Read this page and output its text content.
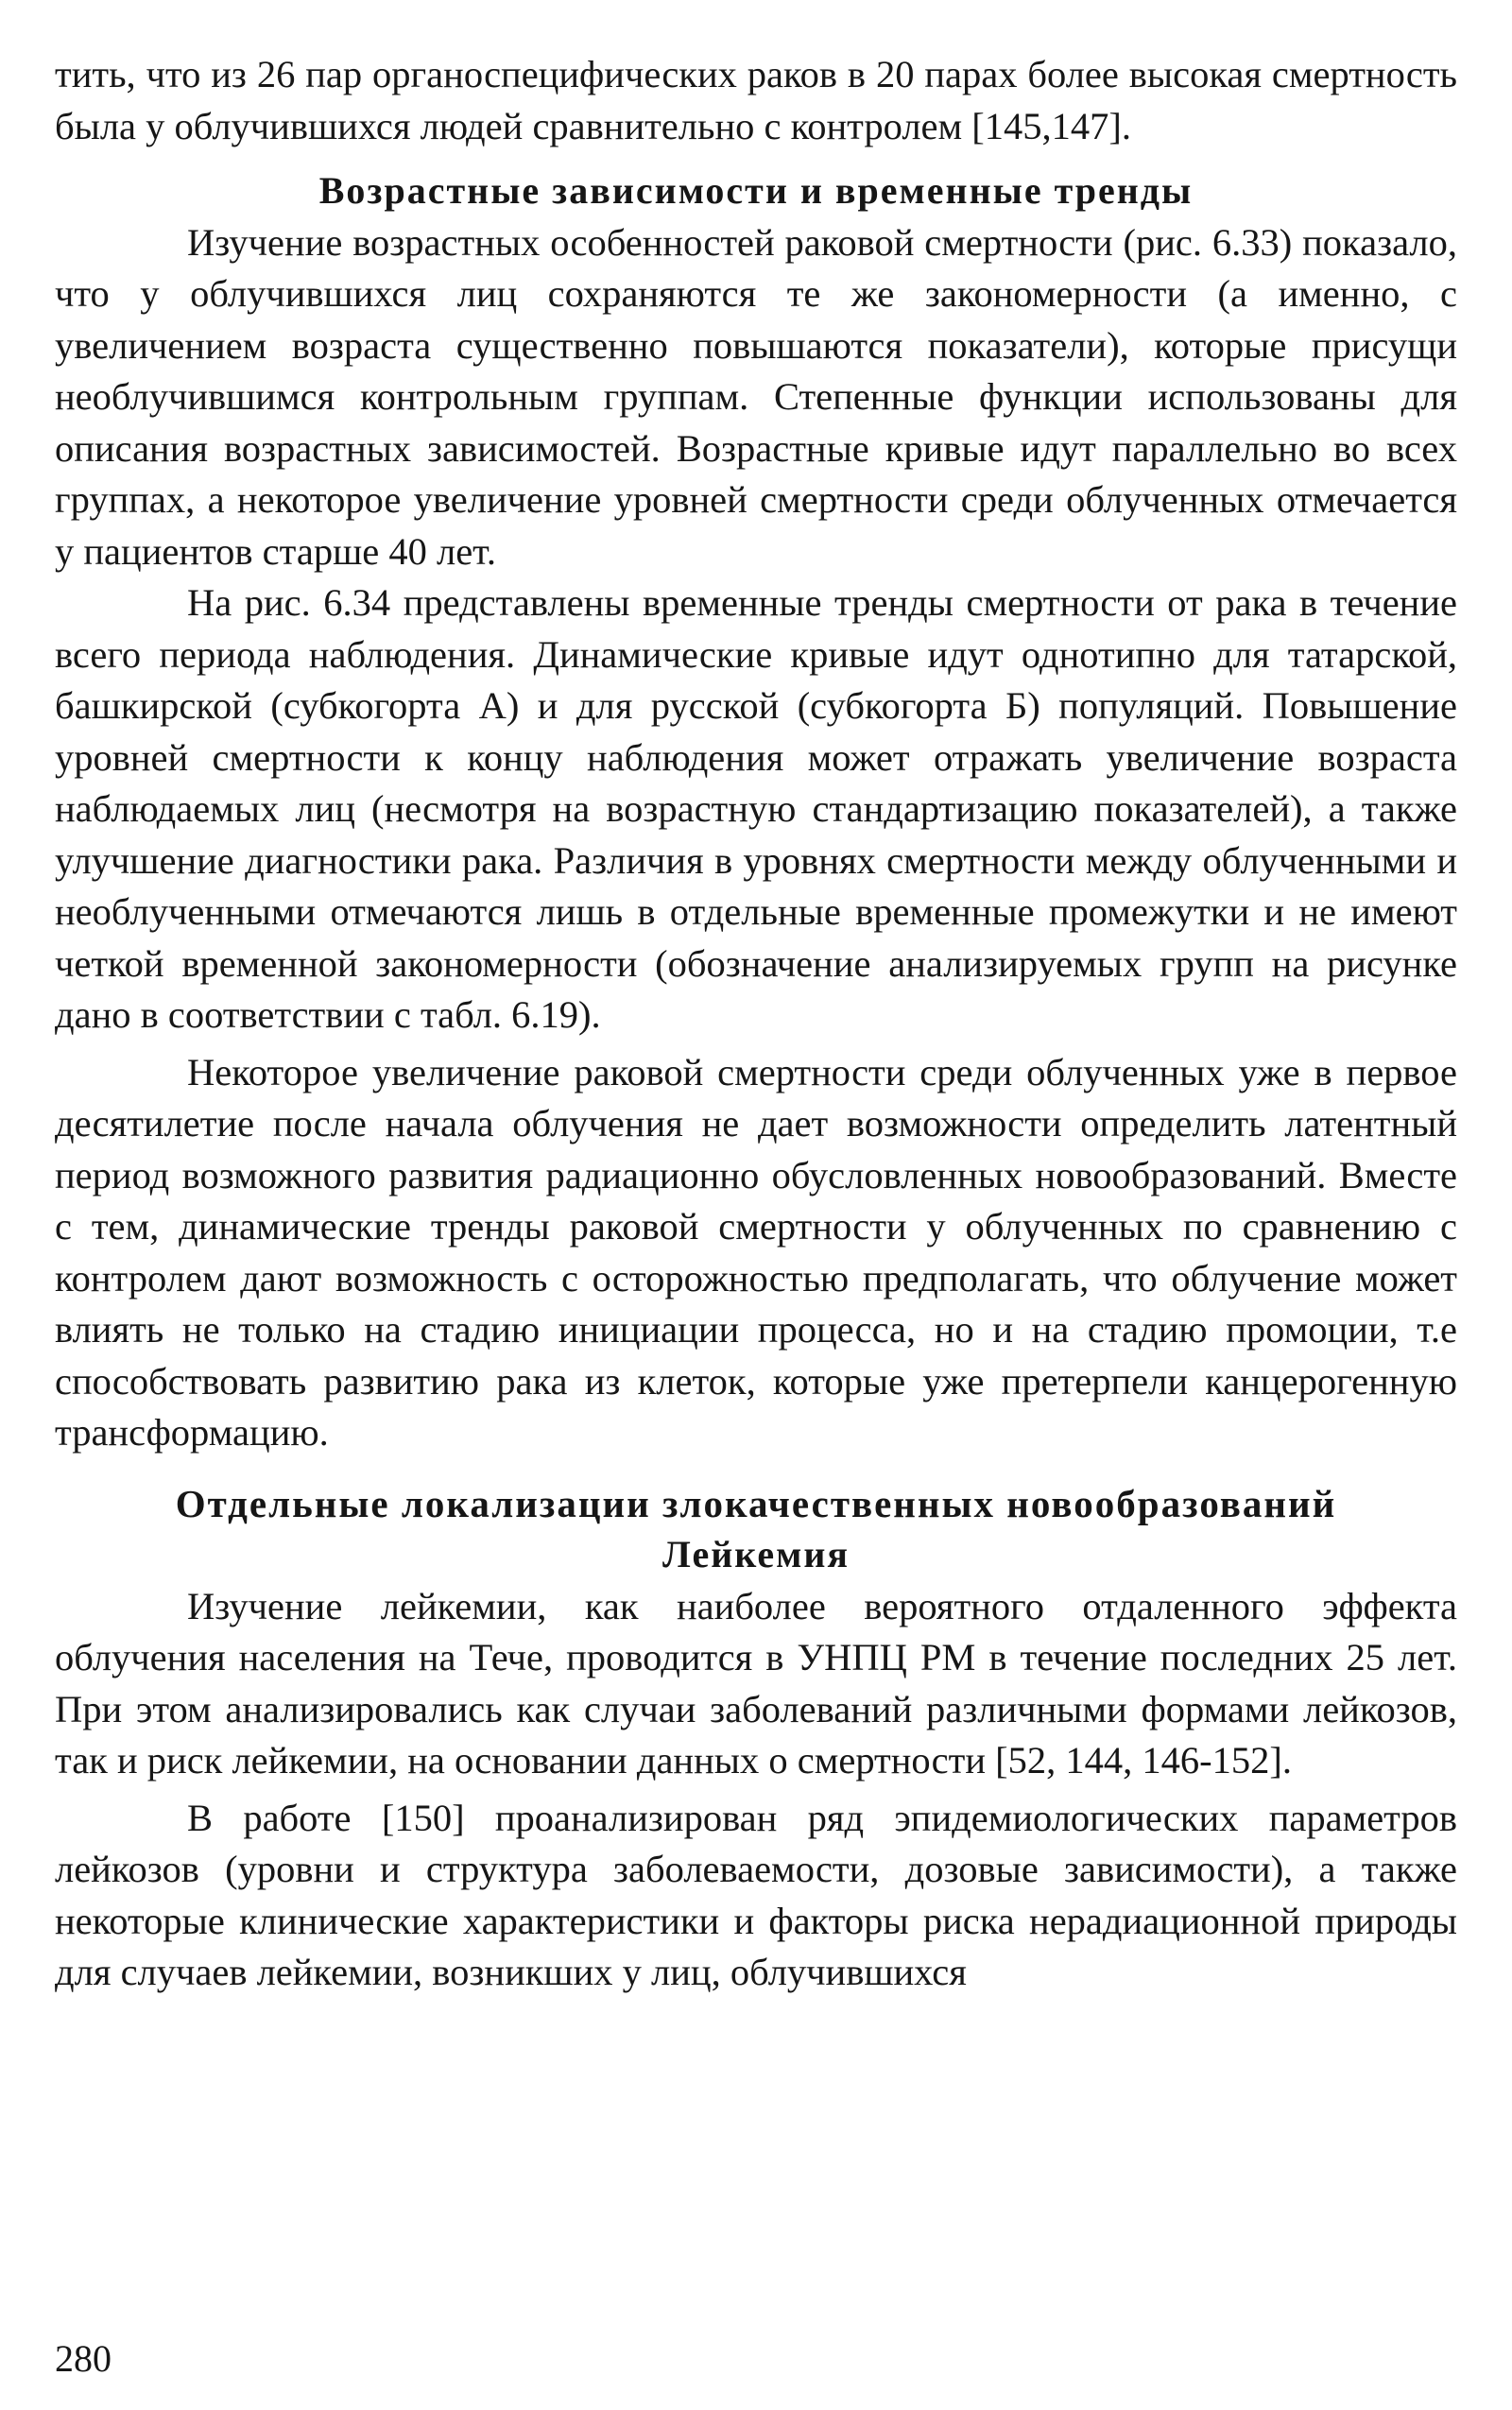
тить, что из 26 пар органоспецифических раков в 20 парах более высокая смертность была у облучившихся людей сравнительно с контролем [145,147].

Возрастные зависимости и временные тренды

Изучение возрастных особенностей раковой смертности (рис. 6.33) показало, что у облучившихся лиц сохраняются те же закономерности (а именно, с увеличением возраста существенно повышаются показатели), которые присущи необлучившимся контрольным группам. Степенные функции использованы для описания возрастных зависимостей. Возрастные кривые идут параллельно во всех группах, а некоторое увеличение уровней смертности среди облученных отмечается у пациентов старше 40 лет.

На рис. 6.34 представлены временные тренды смертности от рака в течение всего периода наблюдения. Динамические кривые идут однотипно для татарской, башкирской (субкогорта А) и для русской (субкогорта Б) популяций. Повышение уровней смертности к концу наблюдения может отражать увеличение возраста наблюдаемых лиц (несмотря на возрастную стандартизацию показателей), а также улучшение диагностики рака. Различия в уровнях смертности между облученными и необлученными отмечаются лишь в отдельные временные промежутки и не имеют четкой временной закономерности (обозначение анализируемых групп на рисунке дано в соответствии с табл. 6.19).

Некоторое увеличение раковой смертности среди облученных уже в первое десятилетие после начала облучения не дает возможности определить латентный период возможного развития радиационно обусловленных новообразований. Вместе с тем, динамические тренды раковой смертности у облученных по сравнению с контролем дают возможность с осторожностью предполагать, что облучение может влиять не только на стадию инициации процесса, но и на стадию промоции, т.е способствовать развитию рака из клеток, которые уже претерпели канцерогенную трансформацию.

Отдельные локализации злокачественных новообразований
Лейкемия

Изучение лейкемии, как наиболее вероятного отдаленного эффекта облучения населения на Тече, проводится в УНПЦ РМ в течение последних 25 лет. При этом анализировались как случаи заболеваний различными формами лейкозов, так и риск лейкемии, на основании данных о смертности [52, 144, 146-152].

В работе [150] проанализирован ряд эпидемиологических параметров лейкозов (уровни и структура заболеваемости, дозовые зависимости), а также некоторые клинические характеристики и факторы риска нерадиационной природы для случаев лейкемии, возникших у лиц, облучившихся

280
